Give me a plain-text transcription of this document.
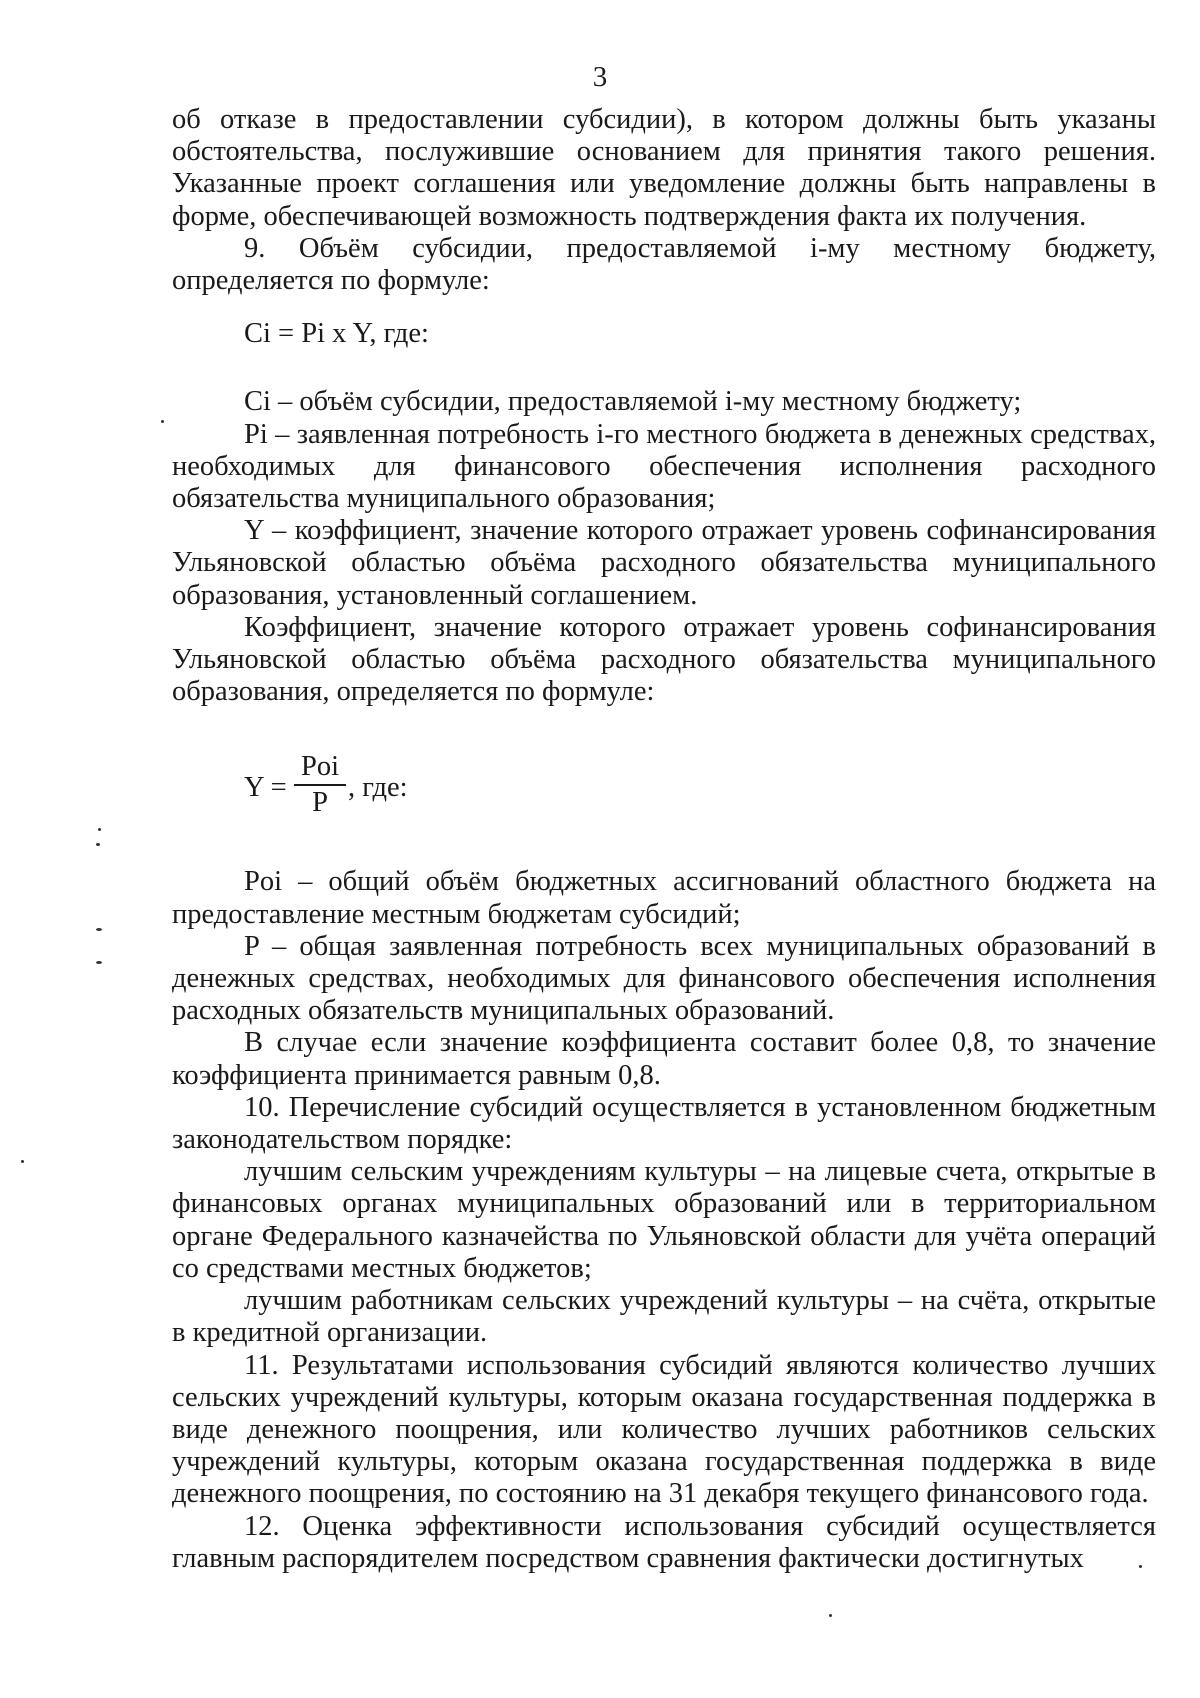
3

об отказе в предоставлении субсидии), в котором должны быть указаны обстоятельства, послужившие основанием для принятия такого решения. Указанные проект соглашения или уведомление должны быть направлены в форме, обеспечивающей возможность подтверждения факта их получения.

9. Объём субсидии, предоставляемой i-му местному бюджету, определяется по формуле:

Ci = Pi x Y, где:

Ci – объём субсидии, предоставляемой i-му местному бюджету;

Pi – заявленная потребность i-го местного бюджета в денежных средствах, необходимых для финансового обеспечения исполнения расходного обязательства муниципального образования;

Y – коэффициент, значение которого отражает уровень софинансирования Ульяновской областью объёма расходного обязательства муниципального образования, установленный соглашением.

Коэффициент, значение которого отражает уровень софинансирования Ульяновской областью объёма расходного обязательства муниципального образования, определяется по формуле:

Y =
Poi
P , где:

Poi – общий объём бюджетных ассигнований областного бюджета на предоставление местным бюджетам субсидий;

P – общая заявленная потребность всех муниципальных образований в денежных средствах, необходимых для финансового обеспечения исполнения расходных обязательств муниципальных образований.

В случае если значение коэффициента составит более 0,8, то значение коэффициента принимается равным 0,8.

10. Перечисление субсидий осуществляется в установленном бюджетным законодательством порядке:

лучшим сельским учреждениям культуры – на лицевые счета, открытые в финансовых органах муниципальных образований или в территориальном органе Федерального казначейства по Ульяновской области для учёта операций со средствами местных бюджетов;

лучшим работникам сельских учреждений культуры – на счёта, открытые в кредитной организации.

11. Результатами использования субсидий являются количество лучших сельских учреждений культуры, которым оказана государственная поддержка в виде денежного поощрения, или количество лучших работников сельских учреждений культуры, которым оказана государственная поддержка в виде денежного поощрения, по состоянию на 31 декабря текущего финансового года.

12. Оценка эффективности использования субсидий осуществляется главным распорядителем посредством сравнения фактически достигнутых
